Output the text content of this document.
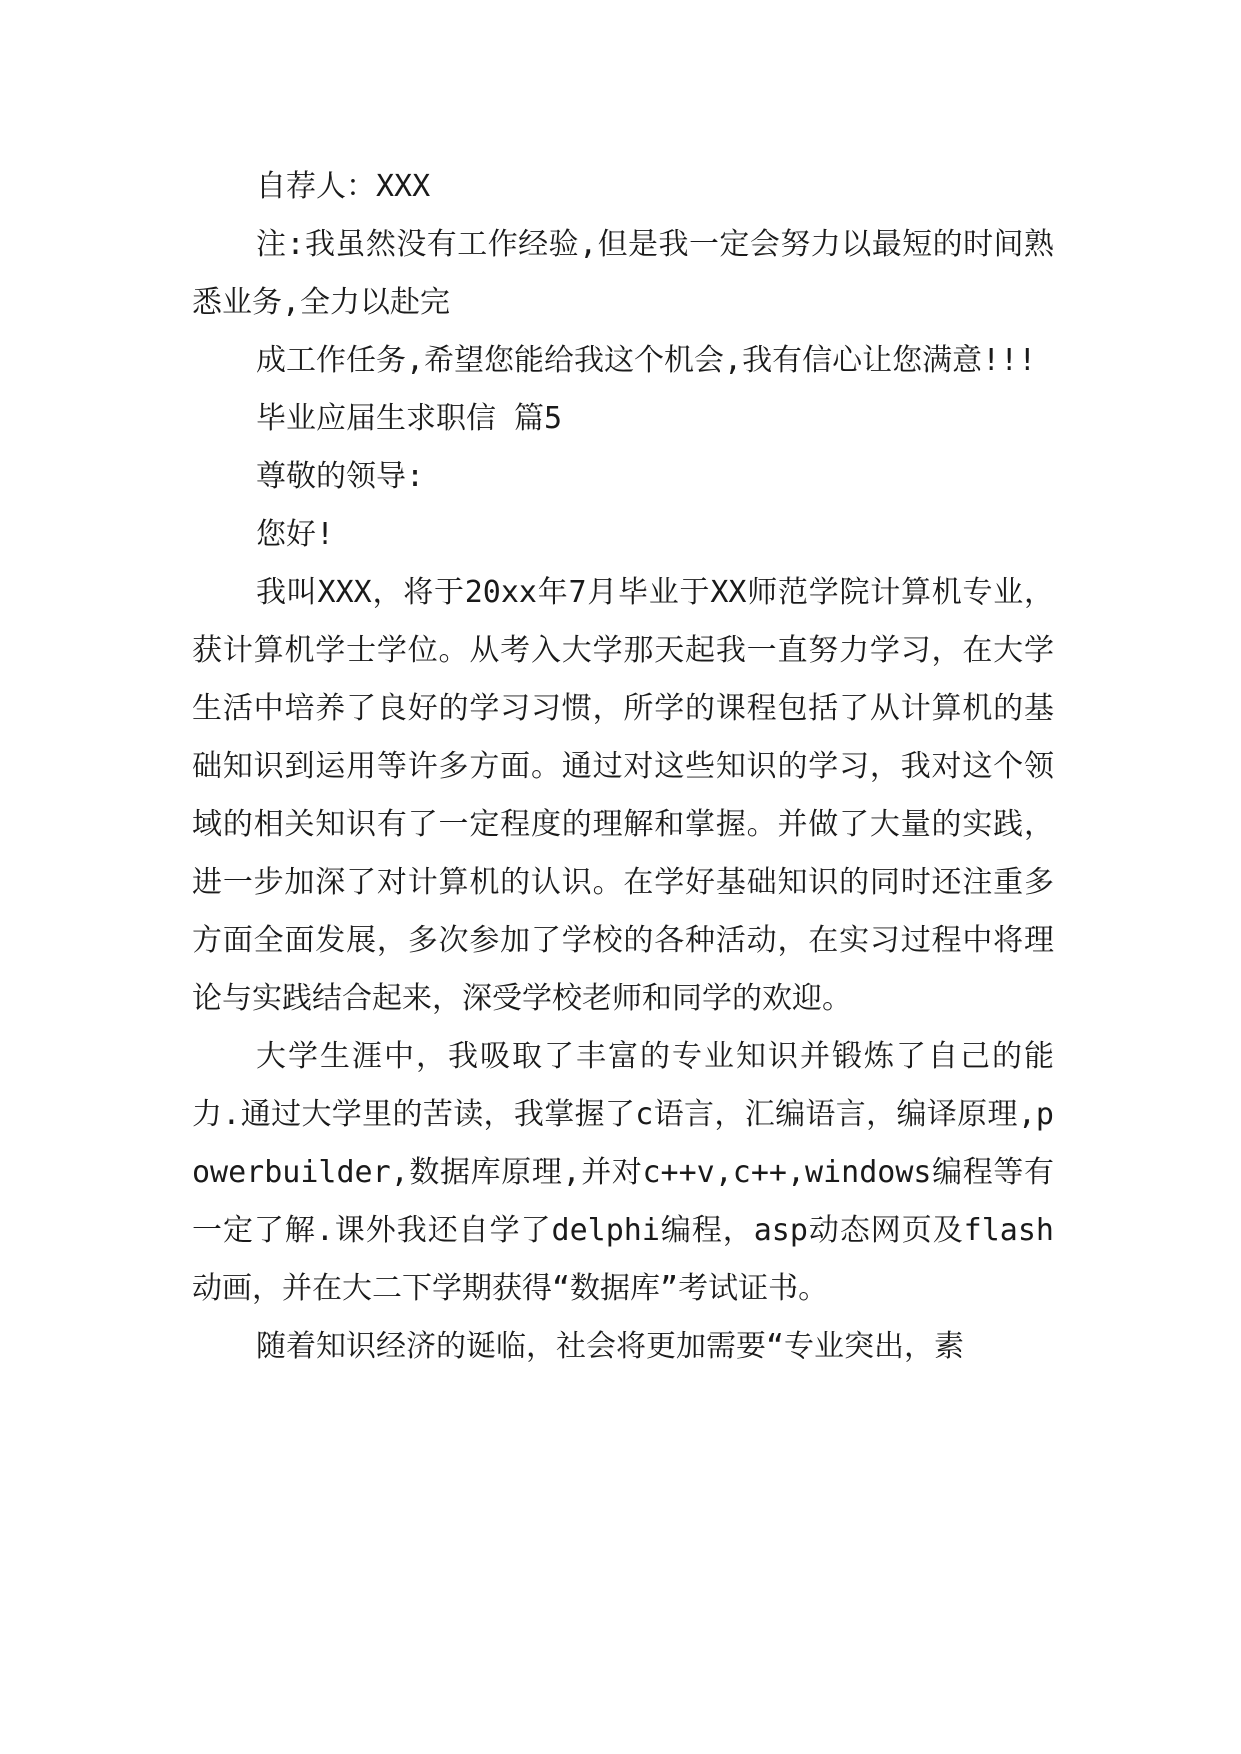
自荐人：XXX

注:我虽然没有工作经验,但是我一定会努力以最短的时间熟悉业务,全力以赴完

成工作任务,希望您能给我这个机会,我有信心让您满意!!!

毕业应届生求职信 篇5

尊敬的领导:

您好!

我叫XXX，将于20xx年7月毕业于XX师范学院计算机专业，获计算机学士学位。从考入大学那天起我一直努力学习，在大学生活中培养了良好的学习习惯，所学的课程包括了从计算机的基础知识到运用等许多方面。通过对这些知识的学习，我对这个领域的相关知识有了一定程度的理解和掌握。并做了大量的实践，进一步加深了对计算机的认识。在学好基础知识的同时还注重多方面全面发展，多次参加了学校的各种活动，在实习过程中将理论与实践结合起来，深受学校老师和同学的欢迎。

大学生涯中，我吸取了丰富的专业知识并锻炼了自己的能力.通过大学里的苦读，我掌握了c语言，汇编语言，编译原理,powerbuilder,数据库原理,并对c++v,c++,windows编程等有一定了解.课外我还自学了delphi编程，asp动态网页及flash动画，并在大二下学期获得“数据库”考试证书。

随着知识经济的诞临，社会将更加需要“专业突出，素
